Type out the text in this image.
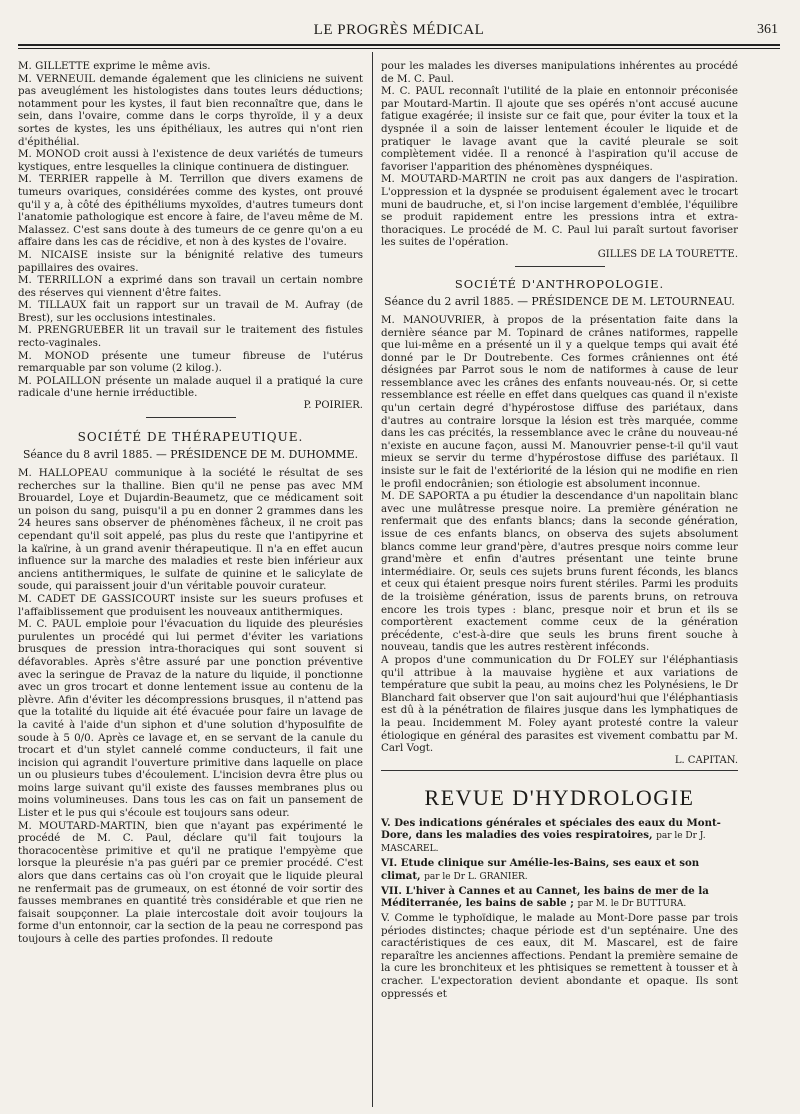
LE PROGRÈS MÉDICAL	361

M. GILLETTE exprime le même avis.

M. VERNEUIL demande également que les cliniciens ne suivent pas aveuglément les histologistes dans toutes leurs déductions; notamment pour les kystes, il faut bien reconnaître que, dans le sein, dans l'ovaire, comme dans le corps thyroïde, il y a deux sortes de kystes, les uns épithéliaux, les autres qui n'ont rien d'épithélial.

M. MONOD croit aussi à l'existence de deux variétés de tumeurs kystiques, entre lesquelles la clinique continuera de distinguer.

M. TERRIER rappelle à M. Terrillon que divers examens de tumeurs ovariques, considérées comme des kystes, ont prouvé qu'il y a, à côté des épithéliums myxoïdes, d'autres tumeurs dont l'anatomie pathologique est encore à faire, de l'aveu même de M. Malassez. C'est sans doute à des tumeurs de ce genre qu'on a eu affaire dans les cas de récidive, et non à des kystes de l'ovaire.

M. NICAISE insiste sur la bénignité relative des tumeurs papillaires des ovaires.

M. TERRILLON a exprimé dans son travail un certain nombre des réserves qui viennent d'être faites.

M. TILLAUX fait un rapport sur un travail de M. Aufray (de Brest), sur les occlusions intestinales.

M. PRENGRUEBER lit un travail sur le traitement des fistules recto-vaginales.

M. MONOD présente une tumeur fibreuse de l'utérus remarquable par son volume (2 kilog.).

M. POLAILLON présente un malade auquel il a pratiqué la cure radicale d'une hernie irréductible.

P. POIRIER.
SOCIÉTÉ DE THÉRAPEUTIQUE.
Séance du 8 avril 1885. — PRÉSIDENCE DE M. DUHOMME.

M. HALLOPEAU communique à la société le résultat de ses recherches sur la thalline. Bien qu'il ne pense pas avec MM Brouardel, Loye et Dujardin-Beaumetz, que ce médicament soit un poison du sang, puisqu'il a pu en donner 2 grammes dans les 24 heures sans observer de phénomènes fâcheux, il ne croit pas cependant qu'il soit appelé, pas plus du reste que l'antipyrine et la kaïrine, à un grand avenir thérapeutique. Il n'a en effet aucun influence sur la marche des maladies et reste bien inférieur aux anciens antithermiques, le sulfate de quinine et le salicylate de soude, qui paraissent jouir d'un véritable pouvoir curateur.

M. CADET DE GASSICOURT insiste sur les sueurs profuses et l'affaiblissement que produisent les nouveaux antithermiques.

M. C. PAUL emploie pour l'évacuation du liquide des pleurésies purulentes un procédé qui lui permet d'éviter les variations brusques de pression intra-thoraciques qui sont souvent si défavorables. Après s'être assuré par une ponction préventive avec la seringue de Pravaz de la nature du liquide, il ponctionne avec un gros trocart et donne lentement issue au contenu de la plèvre. Afin d'éviter les décompressions brusques, il n'attend pas que la totalité du liquide ait été évacuée pour faire un lavage de la cavité à l'aide d'un siphon et d'une solution d'hyposulfite de soude à 5 0/0. Après ce lavage et, en se servant de la canule du trocart et d'un stylet cannelé comme conducteurs, il fait une incision qui agrandit l'ouverture primitive dans laquelle on place un ou plusieurs tubes d'écoulement. L'incision devra être plus ou moins large suivant qu'il existe des fausses membranes plus ou moins volumineuses. Dans tous les cas on fait un pansement de Lister et le pus qui s'écoule est toujours sans odeur.

M. MOUTARD-MARTIN, bien que n'ayant pas expérimenté le procédé de M. C. Paul, déclare qu'il fait toujours la thoracocentèse primitive et qu'il ne pratique l'empyème que lorsque la pleurésie n'a pas guéri par ce premier procédé. C'est alors que dans certains cas où l'on croyait que le liquide pleural ne renfermait pas de grumeaux, on est étonné de voir sortir des fausses membranes en quantité très considérable et que rien ne faisait soupçonner. La plaie intercostale doit avoir toujours la forme d'un entonnoir, car la section de la peau ne correspond pas toujours à celle des parties profondes. Il redoute

pour les malades les diverses manipulations inhérentes au procédé de M. C. Paul.

M. C. PAUL reconnaît l'utilité de la plaie en entonnoir préconisée par Moutard-Martin. Il ajoute que ses opérés n'ont accusé aucune fatigue exagérée; il insiste sur ce fait que, pour éviter la toux et la dyspnée il a soin de laisser lentement écouler le liquide et de pratiquer le lavage avant que la cavité pleurale se soit complètement vidée. Il a renoncé à l'aspiration qu'il accuse de favoriser l'apparition des phénomènes dyspnéiques.

M. MOUTARD-MARTIN ne croit pas aux dangers de l'aspiration. L'oppression et la dyspnée se produisent également avec le trocart muni de baudruche, et, si l'on incise largement d'emblée, l'équilibre se produit rapidement entre les pressions intra et extra-thoraciques. Le procédé de M. C. Paul lui paraît surtout favoriser les suites de l'opération.

GILLES DE LA TOURETTE.
SOCIÉTÉ D'ANTHROPOLOGIE.
Séance du 2 avril 1885. — PRÉSIDENCE DE M. LETOURNEAU.

M. MANOUVRIER, à propos de la présentation faite dans la dernière séance par M. Topinard de crânes natiformes, rappelle que lui-même en a présenté un il y a quelque temps qui avait été donné par le Dr Doutrebente. Ces formes crâniennes ont été désignées par Parrot sous le nom de natiformes à cause de leur ressemblance avec les crânes des enfants nouveau-nés. Or, si cette ressemblance est réelle en effet dans quelques cas quand il n'existe qu'un certain degré d'hypérostose diffuse des pariétaux, dans d'autres au contraire lorsque la lésion est très marquée, comme dans les cas précités, la ressemblance avec le crâne du nouveau-né n'existe en aucune façon, aussi M. Manouvrier pense-t-il qu'il vaut mieux se servir du terme d'hypérostose diffuse des pariétaux. Il insiste sur le fait de l'extériorité de la lésion qui ne modifie en rien le profil endocrânien; son étiologie est absolument inconnue.

M. DE SAPORTA a pu étudier la descendance d'un napolitain blanc avec une mulâtresse presque noire. La première génération ne renfermait que des enfants blancs; dans la seconde génération, issue de ces enfants blancs, on observa des sujets absolument blancs comme leur grand'père, d'autres presque noirs comme leur grand'mère et enfin d'autres présentant une teinte brune intermédiaire. Or, seuls ces sujets bruns furent féconds, les blancs et ceux qui étaient presque noirs furent stériles. Parmi les produits de la troisième génération, issus de parents bruns, on retrouva encore les trois types : blanc, presque noir et brun et ils se comportèrent exactement comme ceux de la génération précédente, c'est-à-dire que seuls les bruns firent souche à nouveau, tandis que les autres restèrent inféconds.

A propos d'une communication du Dr FOLEY sur l'éléphantiasis qu'il attribue à la mauvaise hygiène et aux variations de température que subit la peau, au moins chez les Polynésiens, le Dr Blanchard fait observer que l'on sait aujourd'hui que l'éléphantiasis est dû à la pénétration de filaires jusque dans les lymphatiques de la peau. Incidemment M. Foley ayant protesté contre la valeur étiologique en général des parasites est vivement combattu par M. Carl Vogt.

L. CAPITAN.
REVUE D'HYDROLOGIE
V. Des indications générales et spéciales des eaux du Mont-Dore, dans les maladies des voies respiratoires, par le Dr J. MASCAREL.
VI. Etude clinique sur Amélie-les-Bains, ses eaux et son climat, par le Dr L. GRANIER.
VII. L'hiver à Cannes et au Cannet, les bains de mer de la Méditerranée, les bains de sable ; par M. le Dr BUTTURA.

V. Comme le typhoïdique, le malade au Mont-Dore passe par trois périodes distinctes; chaque période est d'un septénaire. Une des caractéristiques de ces eaux, dit M. Mascarel, est de faire reparaître les anciennes affections. Pendant la première semaine de la cure les bronchiteux et les phtisiques se remettent à tousser et à cracher. L'expectoration devient abondante et opaque. Ils sont oppressés et
